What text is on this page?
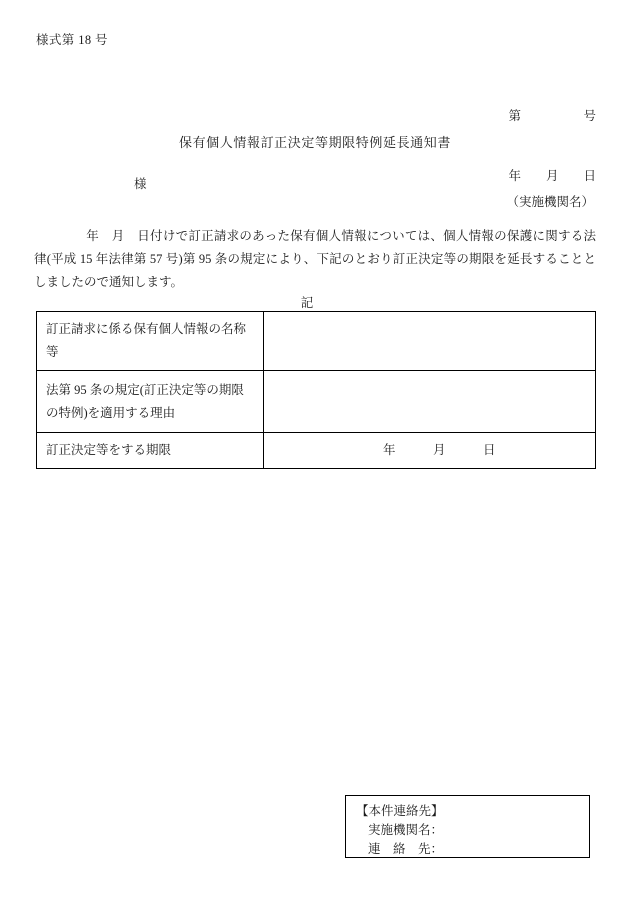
様式第 18 号

第　　　　　号

年　　月　　日

保有個人情報訂正決定等期限特例延長通知書
様
（実施機関名）
年　月　日付けで訂正請求のあった保有個人情報については、個人情報の保護に関する法律(平成 15 年法律第 57 号)第 95 条の規定により、下記のとおり訂正決定等の期限を延長することとしましたので通知します。
記
訂正請求に係る保有個人情報の名称等	
法第 95 条の規定(訂正決定等の期限の特例)を適用する理由	
訂正決定等をする期限	年　　　月　　　日
【本件連絡先】
実施機関名：
連　絡　先：
